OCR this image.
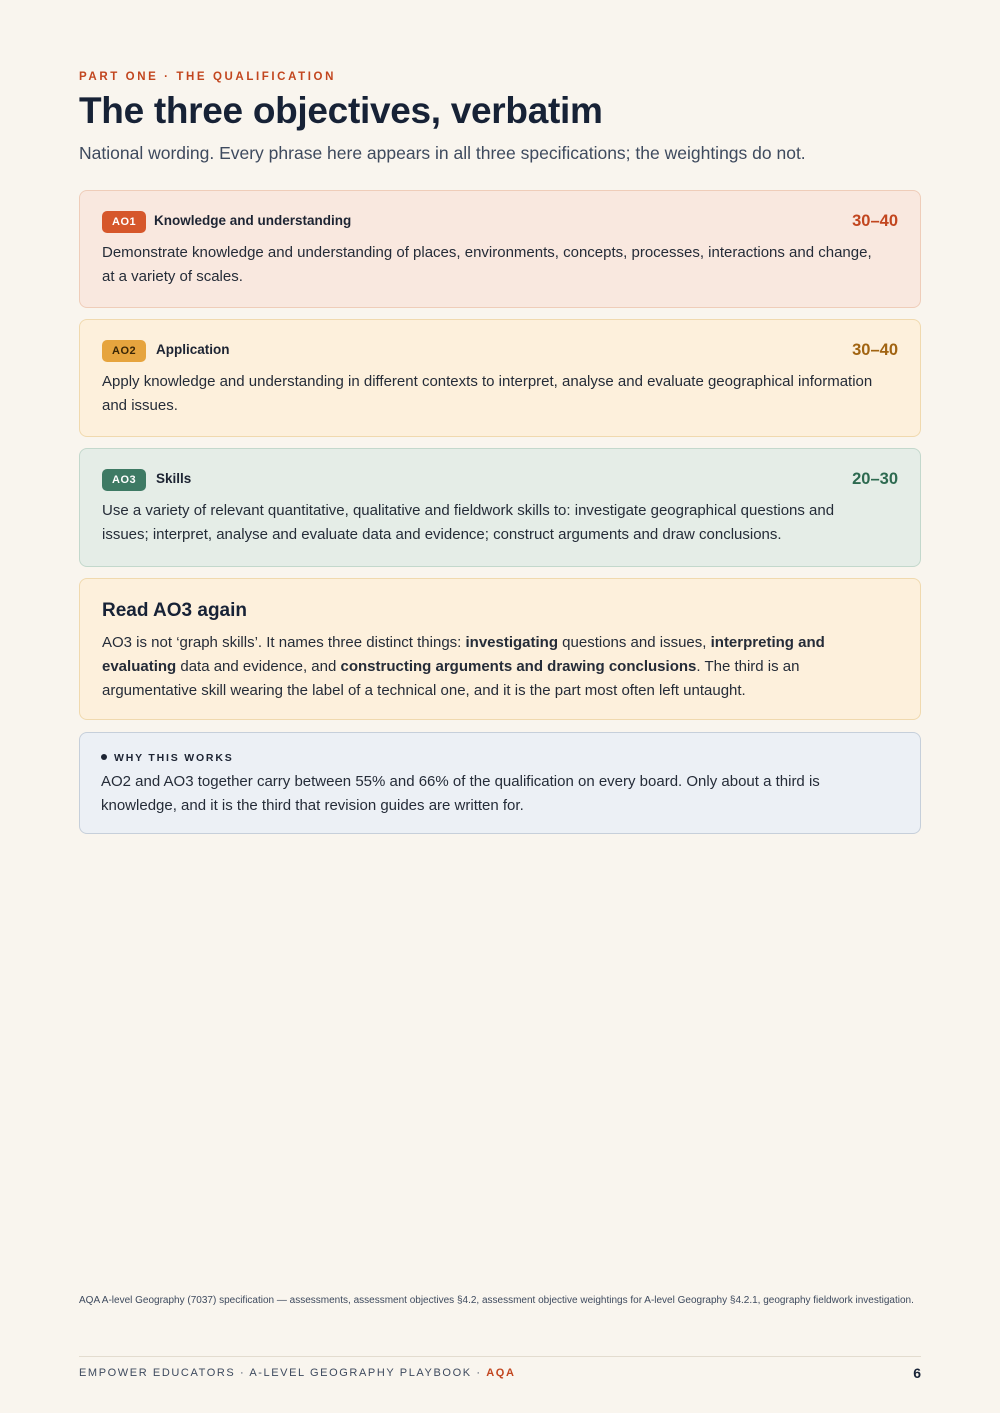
PART ONE · THE QUALIFICATION
The three objectives, verbatim

National wording. Every phrase here appears in all three specifications; the weightings do not.

AO1	Knowledge and understanding	30–40

Demonstrate knowledge and understanding of places, environments, concepts, processes, interactions and change, at a variety of scales.

AO2	Application	30–40

Apply knowledge and understanding in different contexts to interpret, analyse and evaluate geographical information and issues.

AO3	Skills	20–30

Use a variety of relevant quantitative, qualitative and fieldwork skills to: investigate geographical questions and issues; interpret, analyse and evaluate data and evidence; construct arguments and draw conclusions.

Read AO3 again

AO3 is not ‘graph skills’. It names three distinct things: investigating questions and issues, interpreting and evaluating data and evidence, and constructing arguments and drawing conclusions. The third is an argumentative skill wearing the label of a technical one, and it is the part most often left untaught.

WHY THIS WORKS

AO2 and AO3 together carry between 55% and 66% of the qualification on every board. Only about a third is knowledge, and it is the third that revision guides are written for.

AQA A-level Geography (7037) specification — assessments, assessment objectives §4.2, assessment objective weightings for A-level Geography §4.2.1, geography fieldwork investigation.

EMPOWER EDUCATORS · A-LEVEL GEOGRAPHY PLAYBOOK · AQA	6
